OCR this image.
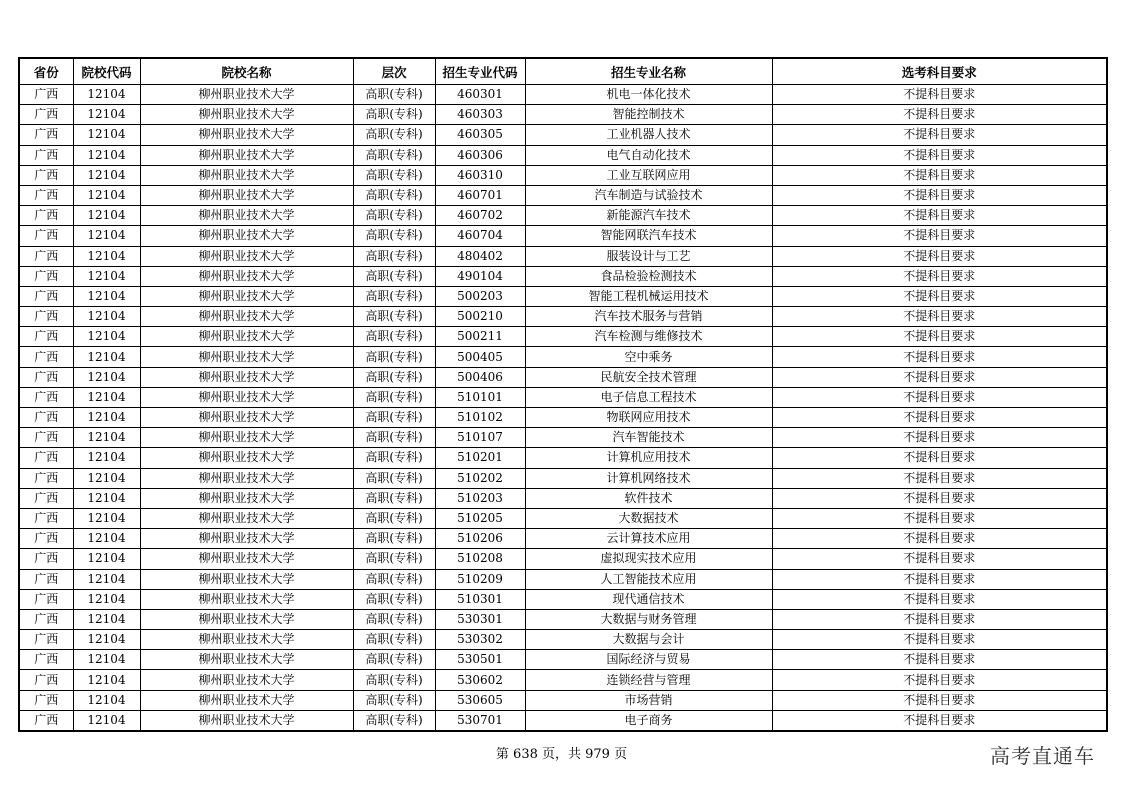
省份	院校代码	院校名称	层次	招生专业代码	招生专业名称	选考科目要求
广西	12104	柳州职业技术大学	高职(专科)	460301	机电一体化技术	不提科目要求
广西	12104	柳州职业技术大学	高职(专科)	460303	智能控制技术	不提科目要求
广西	12104	柳州职业技术大学	高职(专科)	460305	工业机器人技术	不提科目要求
广西	12104	柳州职业技术大学	高职(专科)	460306	电气自动化技术	不提科目要求
广西	12104	柳州职业技术大学	高职(专科)	460310	工业互联网应用	不提科目要求
广西	12104	柳州职业技术大学	高职(专科)	460701	汽车制造与试验技术	不提科目要求
广西	12104	柳州职业技术大学	高职(专科)	460702	新能源汽车技术	不提科目要求
广西	12104	柳州职业技术大学	高职(专科)	460704	智能网联汽车技术	不提科目要求
广西	12104	柳州职业技术大学	高职(专科)	480402	服装设计与工艺	不提科目要求
广西	12104	柳州职业技术大学	高职(专科)	490104	食品检验检测技术	不提科目要求
广西	12104	柳州职业技术大学	高职(专科)	500203	智能工程机械运用技术	不提科目要求
广西	12104	柳州职业技术大学	高职(专科)	500210	汽车技术服务与营销	不提科目要求
广西	12104	柳州职业技术大学	高职(专科)	500211	汽车检测与维修技术	不提科目要求
广西	12104	柳州职业技术大学	高职(专科)	500405	空中乘务	不提科目要求
广西	12104	柳州职业技术大学	高职(专科)	500406	民航安全技术管理	不提科目要求
广西	12104	柳州职业技术大学	高职(专科)	510101	电子信息工程技术	不提科目要求
广西	12104	柳州职业技术大学	高职(专科)	510102	物联网应用技术	不提科目要求
广西	12104	柳州职业技术大学	高职(专科)	510107	汽车智能技术	不提科目要求
广西	12104	柳州职业技术大学	高职(专科)	510201	计算机应用技术	不提科目要求
广西	12104	柳州职业技术大学	高职(专科)	510202	计算机网络技术	不提科目要求
广西	12104	柳州职业技术大学	高职(专科)	510203	软件技术	不提科目要求
广西	12104	柳州职业技术大学	高职(专科)	510205	大数据技术	不提科目要求
广西	12104	柳州职业技术大学	高职(专科)	510206	云计算技术应用	不提科目要求
广西	12104	柳州职业技术大学	高职(专科)	510208	虚拟现实技术应用	不提科目要求
广西	12104	柳州职业技术大学	高职(专科)	510209	人工智能技术应用	不提科目要求
广西	12104	柳州职业技术大学	高职(专科)	510301	现代通信技术	不提科目要求
广西	12104	柳州职业技术大学	高职(专科)	530301	大数据与财务管理	不提科目要求
广西	12104	柳州职业技术大学	高职(专科)	530302	大数据与会计	不提科目要求
广西	12104	柳州职业技术大学	高职(专科)	530501	国际经济与贸易	不提科目要求
广西	12104	柳州职业技术大学	高职(专科)	530602	连锁经营与管理	不提科目要求
广西	12104	柳州职业技术大学	高职(专科)	530605	市场营销	不提科目要求
广西	12104	柳州职业技术大学	高职(专科)	530701	电子商务	不提科目要求
第 638 页，共 979 页	高考直通车
